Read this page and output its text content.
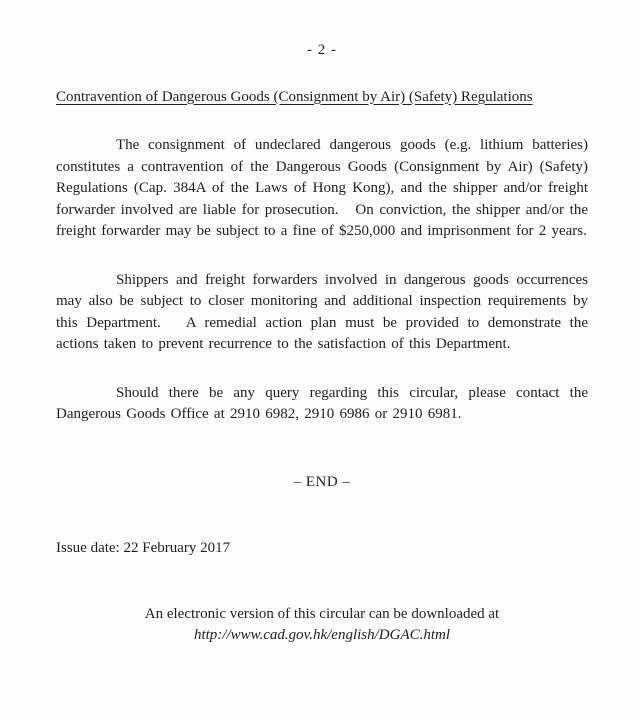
- 2 -
Contravention of Dangerous Goods (Consignment by Air) (Safety) Regulations

The consignment of undeclared dangerous goods (e.g. lithium batteries) constitutes a contravention of the Dangerous Goods (Consignment by Air) (Safety) Regulations (Cap. 384A of the Laws of Hong Kong), and the shipper and/or freight forwarder involved are liable for prosecution.   On conviction, the shipper and/or the freight forwarder may be subject to a fine of $250,000 and imprisonment for 2 years.

Shippers and freight forwarders involved in dangerous goods occurrences may also be subject to closer monitoring and additional inspection requirements by this Department.   A remedial action plan must be provided to demonstrate the actions taken to prevent recurrence to the satisfaction of this Department.

Should there be any query regarding this circular, please contact the Dangerous Goods Office at 2910 6982, 2910 6986 or 2910 6981.

– END –
Issue date: 22 February 2017
An electronic version of this circular can be downloaded at
http://www.cad.gov.hk/english/DGAC.html
